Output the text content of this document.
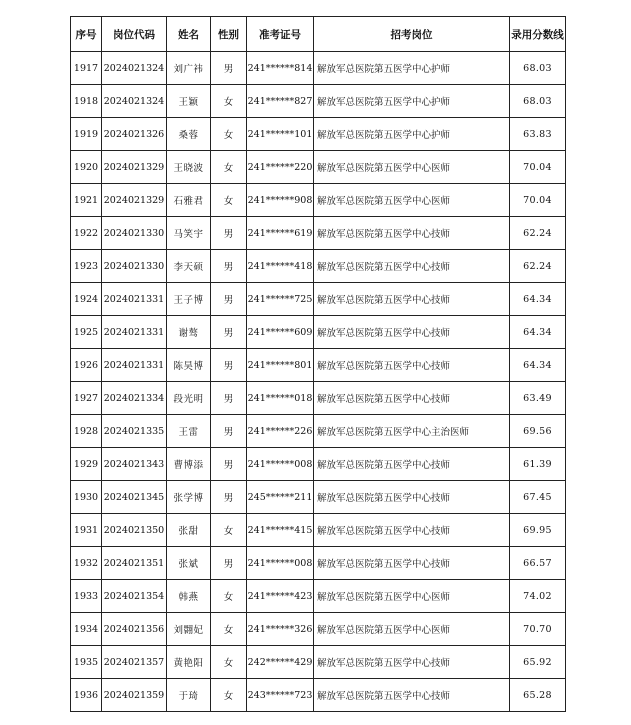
序号	岗位代码	姓名	性别	准考证号	招考岗位	录用分数线
1917	2024021324	刘广祎	男	241******814	解放军总医院第五医学中心护师	68.03
1918	2024021324	王颖	女	241******827	解放军总医院第五医学中心护师	68.03
1919	2024021326	桑蓉	女	241******101	解放军总医院第五医学中心护师	63.83
1920	2024021329	王晓波	女	241******220	解放军总医院第五医学中心医师	70.04
1921	2024021329	石雅君	女	241******908	解放军总医院第五医学中心医师	70.04
1922	2024021330	马笑宇	男	241******619	解放军总医院第五医学中心技师	62.24
1923	2024021330	李天硕	男	241******418	解放军总医院第五医学中心技师	62.24
1924	2024021331	王子博	男	241******725	解放军总医院第五医学中心技师	64.34
1925	2024021331	谢骜	男	241******609	解放军总医院第五医学中心技师	64.34
1926	2024021331	陈昊博	男	241******801	解放军总医院第五医学中心技师	64.34
1927	2024021334	段光明	男	241******018	解放军总医院第五医学中心技师	63.49
1928	2024021335	王雷	男	241******226	解放军总医院第五医学中心主治医师	69.56
1929	2024021343	曹博添	男	241******008	解放军总医院第五医学中心技师	61.39
1930	2024021345	张学博	男	245******211	解放军总医院第五医学中心技师	67.45
1931	2024021350	张甜	女	241******415	解放军总医院第五医学中心技师	69.95
1932	2024021351	张斌	男	241******008	解放军总医院第五医学中心技师	66.57
1933	2024021354	韩燕	女	241******423	解放军总医院第五医学中心医师	74.02
1934	2024021356	刘翾妃	女	241******326	解放军总医院第五医学中心医师	70.70
1935	2024021357	黄艳阳	女	242******429	解放军总医院第五医学中心技师	65.92
1936	2024021359	于琦	女	243******723	解放军总医院第五医学中心技师	65.28
